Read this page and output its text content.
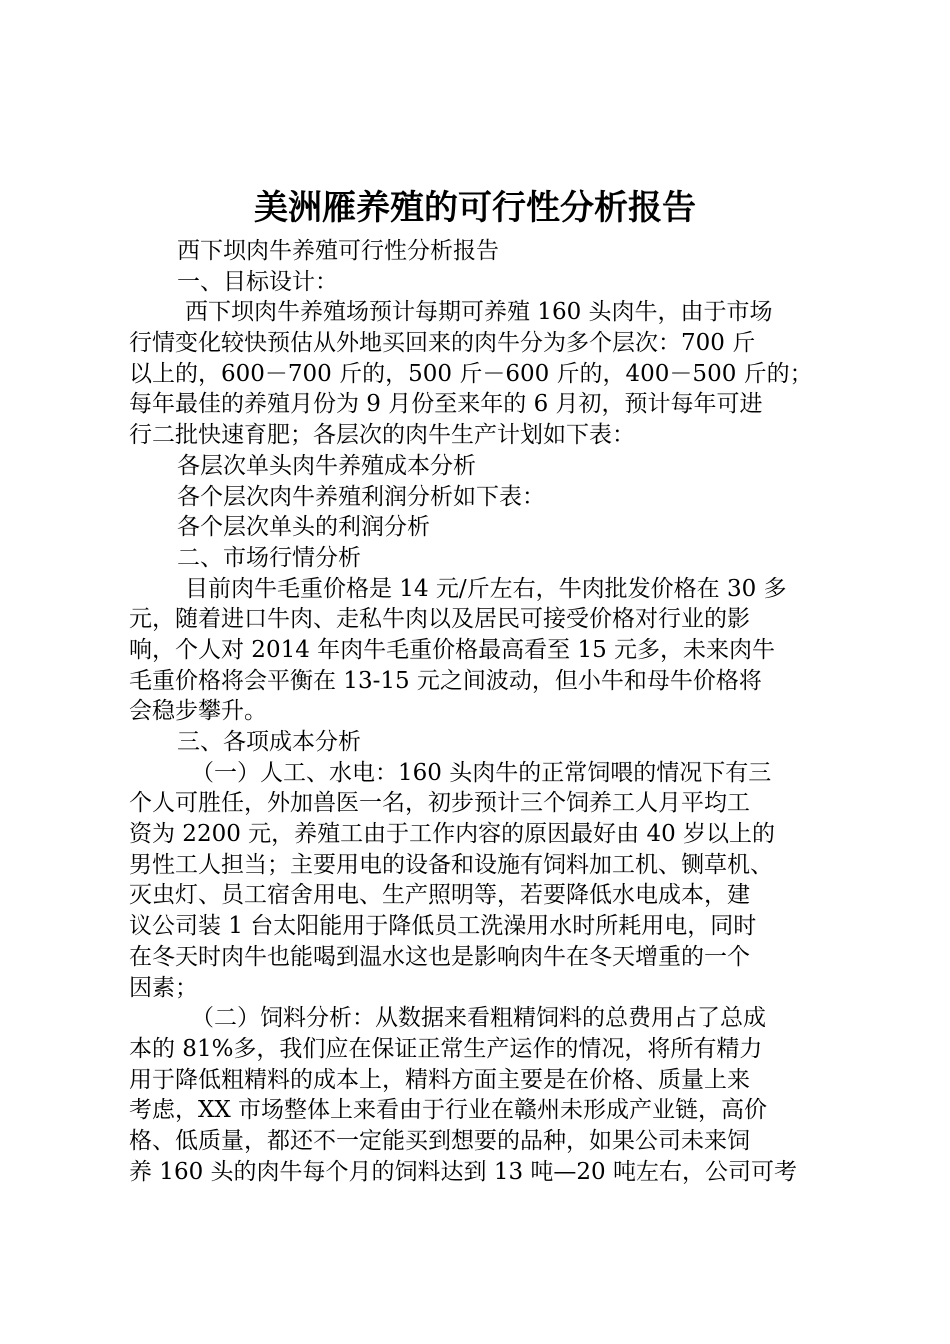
美洲雁养殖的可行性分析报告
西下坝肉牛养殖可行性分析报告
一、目标设计：
西下坝肉牛养殖场预计每期可养殖 160 头肉牛，由于市场
行情变化较快预估从外地买回来的肉牛分为多个层次：700 斤
以上的，600－700 斤的，500 斤－600 斤的，400－500 斤的；
每年最佳的养殖月份为 9 月份至来年的 6 月初，预计每年可进
行二批快速育肥；各层次的肉牛生产计划如下表：
各层次单头肉牛养殖成本分析
各个层次肉牛养殖利润分析如下表：
各个层次单头的利润分析
二、市场行情分析
目前肉牛毛重价格是 14 元/斤左右，牛肉批发价格在 30 多
元，随着进口牛肉、走私牛肉以及居民可接受价格对行业的影
响，个人对 2014 年肉牛毛重价格最高看至 15 元多，未来肉牛
毛重价格将会平衡在 13-15 元之间波动，但小牛和母牛价格将
会稳步攀升。
三、各项成本分析
（一）人工、水电：160 头肉牛的正常饲喂的情况下有三
个人可胜任，外加兽医一名，初步预计三个饲养工人月平均工
资为 2200 元，养殖工由于工作内容的原因最好由 40 岁以上的
男性工人担当；主要用电的设备和设施有饲料加工机、铡草机、
灭虫灯、员工宿舍用电、生产照明等，若要降低水电成本，建
议公司装 1 台太阳能用于降低员工洗澡用水时所耗用电，同时
在冬天时肉牛也能喝到温水这也是影响肉牛在冬天增重的一个
因素；
（二）饲料分析：从数据来看粗精饲料的总费用占了总成
本的 81%多，我们应在保证正常生产运作的情况，将所有精力
用于降低粗精料的成本上，精料方面主要是在价格、质量上来
考虑，XX 市场整体上来看由于行业在赣州未形成产业链，高价
格、低质量，都还不一定能买到想要的品种，如果公司未来饲
养 160 头的肉牛每个月的饲料达到 13 吨—20 吨左右，公司可考
